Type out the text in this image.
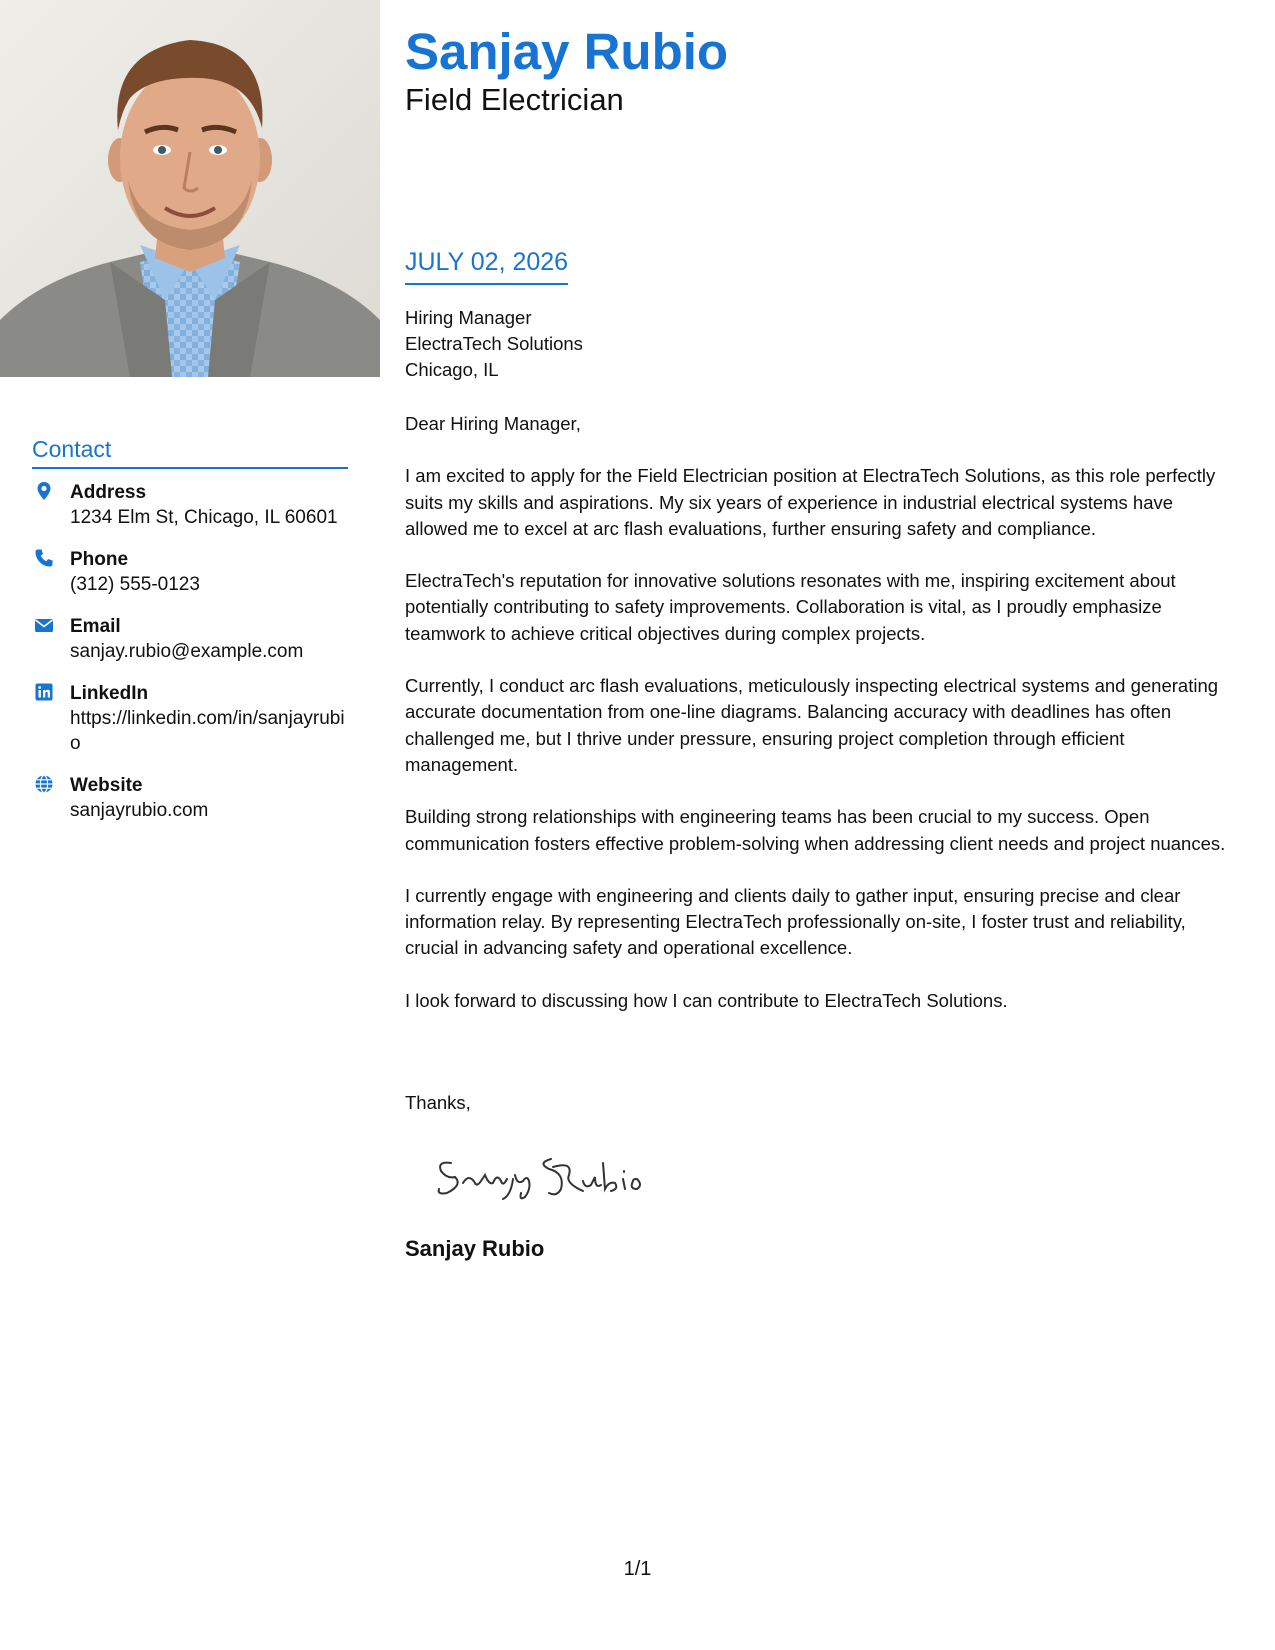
Contact
Address
1234 Elm St, Chicago, IL 60601
Phone
(312) 555-0123
Email
sanjay.rubio@example.com
LinkedIn
https://linkedin.com/in/sanjayrubio
Website
sanjayrubio.com
Sanjay Rubio
Field Electrician
JULY 02, 2026
Hiring Manager
ElectraTech Solutions
Chicago, IL

Dear Hiring Manager,

I am excited to apply for the Field Electrician position at ElectraTech Solutions, as this role perfectly suits my skills and aspirations. My six years of experience in industrial electrical systems have allowed me to excel at arc flash evaluations, further ensuring safety and compliance.

ElectraTech's reputation for innovative solutions resonates with me, inspiring excitement about potentially contributing to safety improvements. Collaboration is vital, as I proudly emphasize teamwork to achieve critical objectives during complex projects.

Currently, I conduct arc flash evaluations, meticulously inspecting electrical systems and generating accurate documentation from one-line diagrams. Balancing accuracy with deadlines has often challenged me, but I thrive under pressure, ensuring project completion through efficient management.

Building strong relationships with engineering teams has been crucial to my success. Open communication fosters effective problem-solving when addressing client needs and project nuances.

I currently engage with engineering and clients daily to gather input, ensuring precise and clear information relay. By representing ElectraTech professionally on-site, I foster trust and reliability, crucial in advancing safety and operational excellence.

I look forward to discussing how I can contribute to ElectraTech Solutions.

Thanks,
Sanjay Rubio
1/1
